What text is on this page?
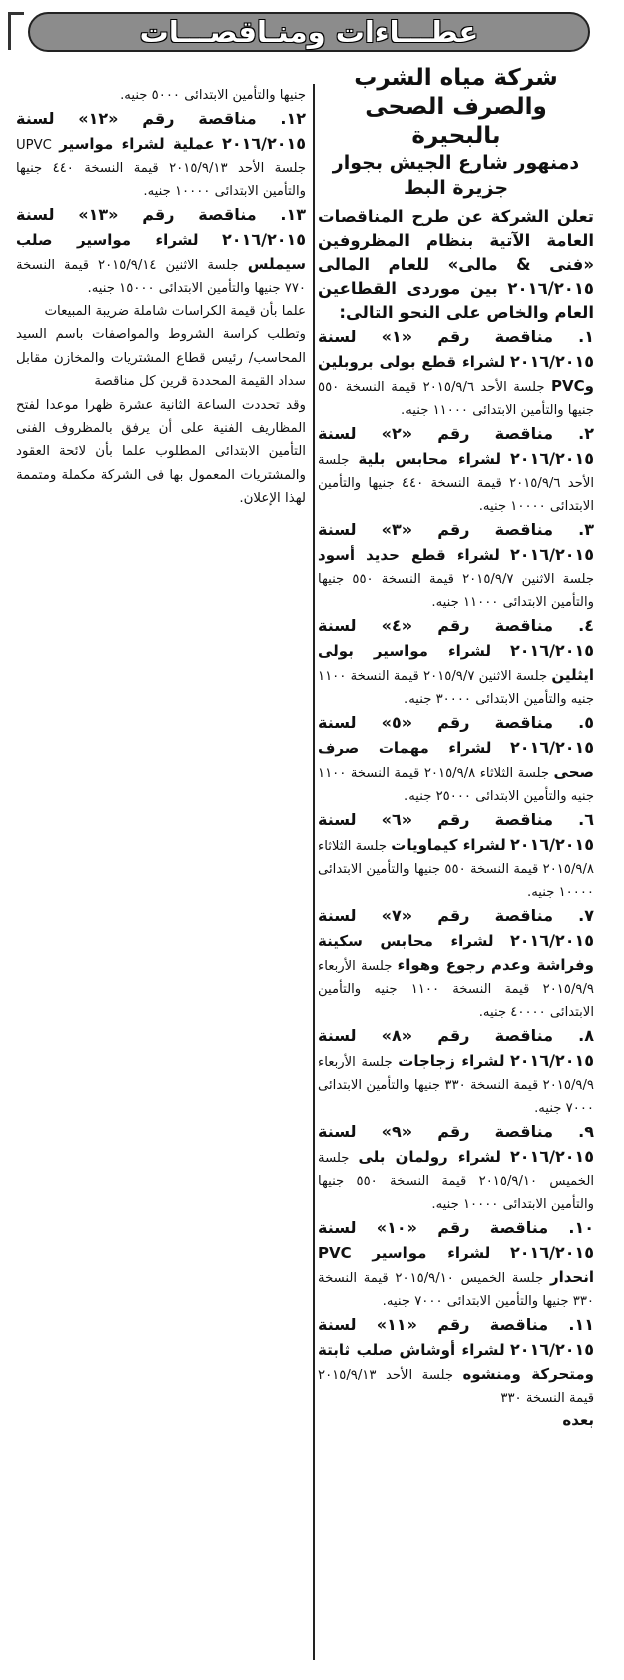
عطـــاءات ومنـاقصـــات

شركة مياه الشرب والصرف الصحى بالبحيرة

دمنهور شارع الجيش بجوار جزيرة البط

تعلن الشركة عن طرح المناقصات العامة الآتية بنظام المظروفين «فنى & مالى» للعام المالى ٢٠١٦/٢٠١٥ بين موردى القطاعين العام والخاص على النحو التالى:

١. مناقصة رقم «١» لسنة ٢٠١٦/٢٠١٥ لشراء قطع بولى بروبلين وPVC جلسة الأحد ٢٠١٥/٩/٦ قيمة النسخة ٥٥٠ جنيها والتأمين الابتدائى ١١٠٠٠ جنيه.

٢. مناقصة رقم «٢» لسنة ٢٠١٦/٢٠١٥ لشراء محابس بلية جلسة الأحد ٢٠١٥/٩/٦ قيمة النسخة ٤٤٠ جنيها والتأمين الابتدائى ١٠٠٠٠ جنيه.

٣. مناقصة رقم «٣» لسنة ٢٠١٦/٢٠١٥ لشراء قطع حديد أسود جلسة الاثنين ٢٠١٥/٩/٧ قيمة النسخة ٥٥٠ جنيها والتأمين الابتدائى ١١٠٠٠ جنيه.

٤. مناقصة رقم «٤» لسنة ٢٠١٦/٢٠١٥ لشراء مواسير بولى ايثلين جلسة الاثنين ٢٠١٥/٩/٧ قيمة النسخة ١١٠٠ جنيه والتأمين الابتدائى ٣٠٠٠٠ جنيه.

٥. مناقصة رقم «٥» لسنة ٢٠١٦/٢٠١٥ لشراء مهمات صرف صحى جلسة الثلاثاء ٢٠١٥/٩/٨ قيمة النسخة ١١٠٠ جنيه والتأمين الابتدائى ٢٥٠٠٠ جنيه.

٦. مناقصة رقم «٦» لسنة ٢٠١٦/٢٠١٥ لشراء كيماويات جلسة الثلاثاء ٢٠١٥/٩/٨ قيمة النسخة ٥٥٠ جنيها والتأمين الابتدائى ١٠٠٠٠ جنيه.

٧. مناقصة رقم «٧» لسنة ٢٠١٦/٢٠١٥ لشراء محابس سكينة وفراشة وعدم رجوع وهواء جلسة الأربعاء ٢٠١٥/٩/٩ قيمة النسخة ١١٠٠ جنيه والتأمين الابتدائى ٤٠٠٠٠ جنيه.

٨. مناقصة رقم «٨» لسنة ٢٠١٦/٢٠١٥ لشراء زجاجات جلسة الأربعاء ٢٠١٥/٩/٩ قيمة النسخة ٣٣٠ جنيها والتأمين الابتدائى ٧٠٠٠ جنيه.

٩. مناقصة رقم «٩» لسنة ٢٠١٦/٢٠١٥ لشراء رولمان بلى جلسة الخميس ٢٠١٥/٩/١٠ قيمة النسخة ٥٥٠ جنيها والتأمين الابتدائى ١٠٠٠٠ جنيه.

١٠. مناقصة رقم «١٠» لسنة ٢٠١٦/٢٠١٥ لشراء مواسير PVC انحدار جلسة الخميس ٢٠١٥/٩/١٠ قيمة النسخة ٣٣٠ جنيها والتأمين الابتدائى ٧٠٠٠ جنيه.

١١. مناقصة رقم «١١» لسنة ٢٠١٦/٢٠١٥ لشراء أوشاش صلب ثابتة ومتحركة ومنشوه جلسة الأحد ٢٠١٥/٩/١٣ قيمة النسخة ٣٣٠

بعده

جنيها والتأمين الابتدائى ٥٠٠٠ جنيه.

١٢. مناقصة رقم «١٢» لسنة ٢٠١٦/٢٠١٥ عملية لشراء مواسير UPVC جلسة الأحد ٢٠١٥/٩/١٣ قيمة النسخة ٤٤٠ جنيها والتأمين الابتدائى ١٠٠٠٠ جنيه.

١٣. مناقصة رقم «١٣» لسنة ٢٠١٦/٢٠١٥ لشراء مواسير صلب سيملس جلسة الاثنين ٢٠١٥/٩/١٤ قيمة النسخة ٧٧٠ جنيها والتأمين الابتدائى ١٥٠٠٠ جنيه.

علما بأن قيمة الكراسات شاملة ضريبة المبيعات

وتطلب كراسة الشروط والمواصفات باسم السيد المحاسب/ رئيس قطاع المشتريات والمخازن مقابل سداد القيمة المحددة قرين كل مناقصة

وقد تحددت الساعة الثانية عشرة ظهرا موعدا لفتح المظاريف الفنية على أن يرفق بالمظروف الفنى التأمين الابتدائى المطلوب علما بأن لائحة العقود والمشتريات المعمول بها فى الشركة مكملة ومتممة لهذا الإعلان.
